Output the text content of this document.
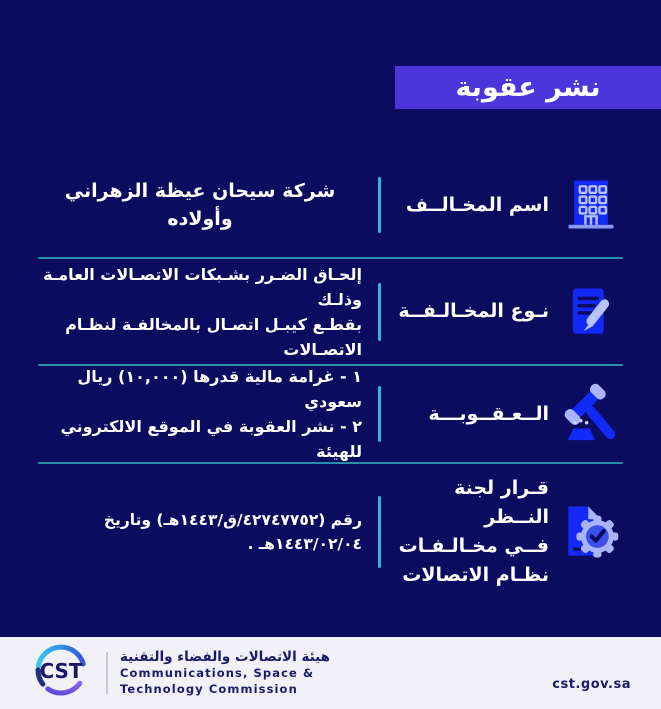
نشر عقوبة
اسم المخـالــف
شركة سيحان عيظة الزهراني وأولاده
نـوع المخـالـفــة
إلحـاق الضـرر بشـبكات الاتصـالات العامـة وذلـك
بقطـع كيبـل اتصـال بالمخالفـة لنظـام الاتصـالات
الــعـقــوبـــة
١ - غرامة مالية قدرها (١٠,٠٠٠) ريال سعودي
٢ - نشر العقوبة في الموقع الالكتروني للهيئة
قـرار لجنة النــظر
فــي مخـالـفـات
نظـام الاتصالات
رقم (٤٢٧٤٧٧٥٢/ق/١٤٤٣هـ) وتاريخ ١٤٤٣/٠٢/٠٤هـ .
CST
هيئة الاتصالات والفضاء والتقنية
Communications, Space &
Technology Commission	cst.gov.sa
